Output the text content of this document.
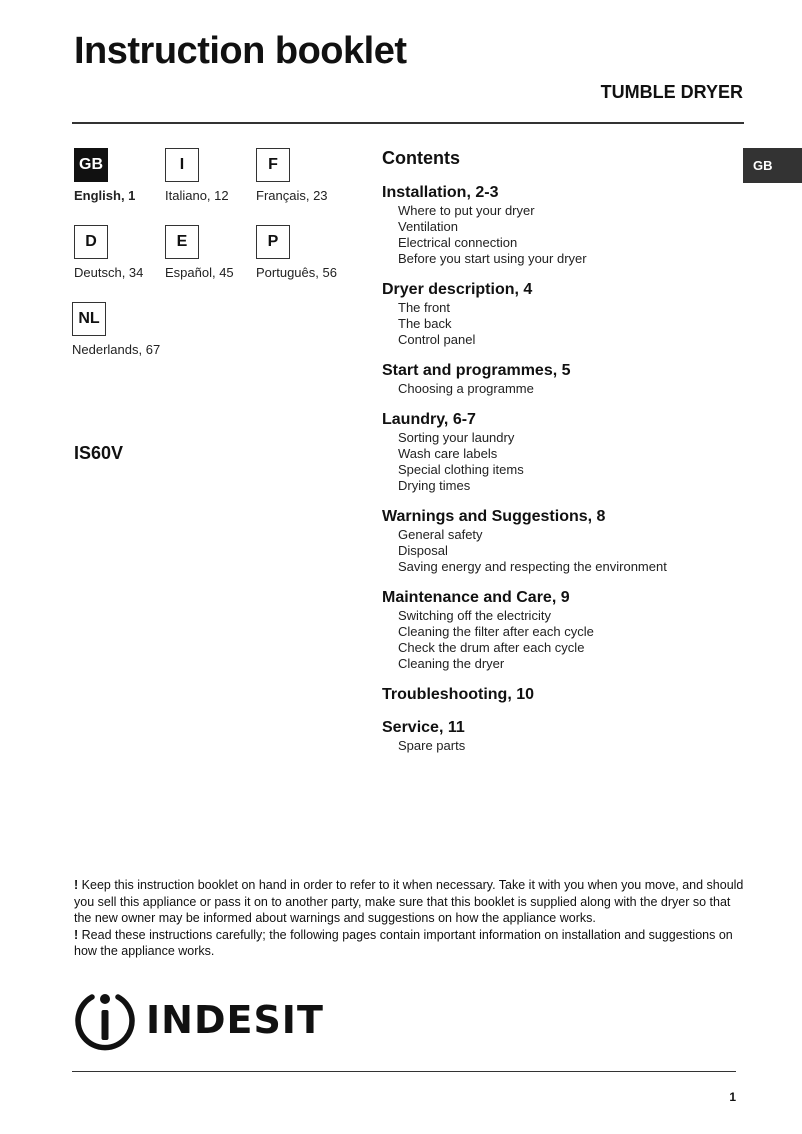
Instruction booklet
TUMBLE DRYER
GB
GB
English, 1
I
Italiano, 12
F
Français, 23
D
Deutsch, 34
E
Español, 45
P
Português, 56
NL
Nederlands, 67
IS60V
Contents
Installation, 2-3
Where to put your dryer
Ventilation
Electrical connection
Before you start using your dryer
Dryer description, 4
The front
The back
Control panel
Start and programmes, 5
Choosing a programme
Laundry, 6-7
Sorting your laundry
Wash care labels
Special clothing items
Drying times
Warnings and Suggestions, 8
General safety
Disposal
Saving energy and respecting the environment
Maintenance and Care, 9
Switching off the electricity
Cleaning the filter after each cycle
Check the drum after each cycle
Cleaning the dryer
Troubleshooting, 10
Service, 11
Spare parts

! Keep this instruction booklet on hand in order to refer to it when necessary. Take it with you when you move, and should you sell this appliance or pass it on to another party, make sure that this booklet is supplied along with the dryer so that the new owner may be informed about warnings and suggestions on how the appliance works.

! Read these instructions carefully; the following pages contain important information on installation and suggestions on how the appliance works.

INDESIT
1
